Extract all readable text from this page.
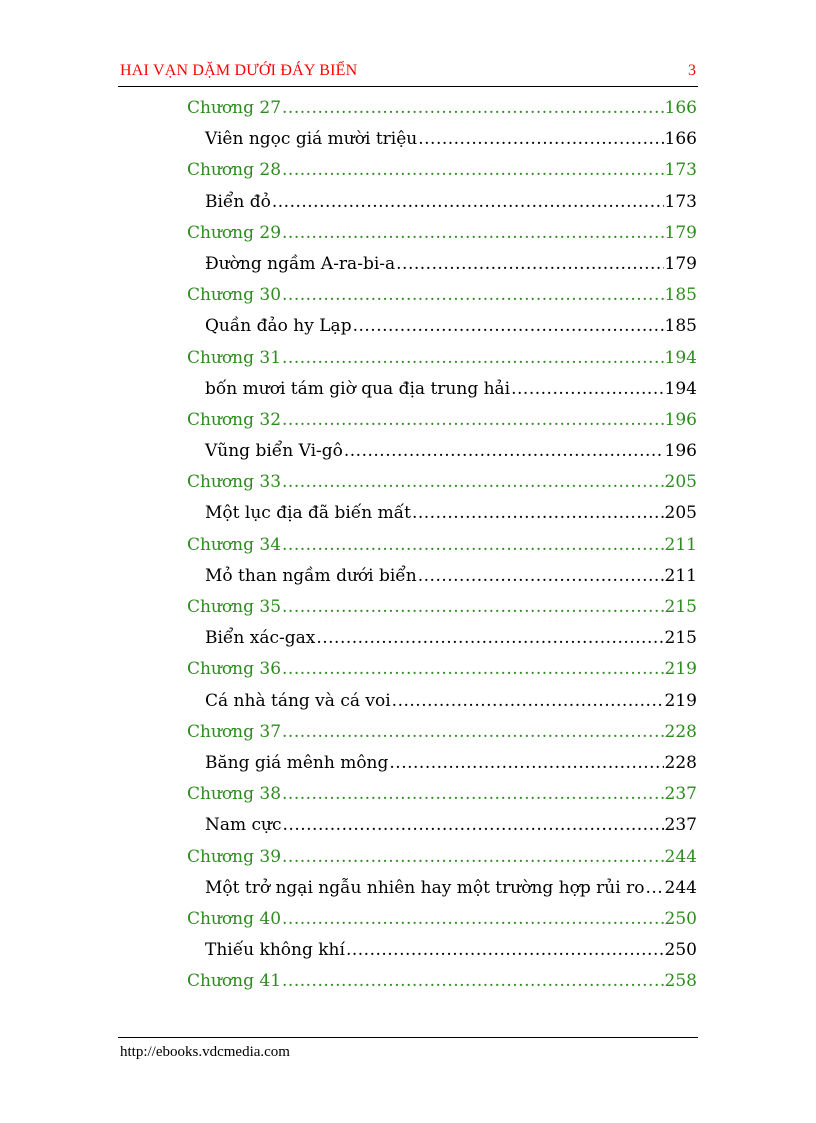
HAI VẠN DẶM DƯỚI ĐÁY BIỂN	3
Chương 27 .....	166
Viên ngọc giá mười triệu .....	166
Chương 28 .....	173
Biển đỏ .....	173
Chương 29 .....	179
Đường ngầm A-ra-bi-a .....	179
Chương 30 .....	185
Quần đảo hy Lạp .....	185
Chương 31 .....	194
bốn mươi tám giờ qua địa trung hải .....	194
Chương 32 .....	196
Vũng biển Vi-gô .....	196
Chương 33 .....	205
Một lục địa đã biến mất .....	205
Chương 34 .....	211
Mỏ than ngầm dưới biển .....	211
Chương 35 .....	215
Biển xác-gax .....	215
Chương 36 .....	219
Cá nhà táng và cá voi .....	219
Chương 37 .....	228
Băng giá mênh mông .....	228
Chương 38 .....	237
Nam cực .....	237
Chương 39 .....	244
Một trở ngại ngẫu nhiên hay một trường hợp rủi ro ..... 244
Chương 40 .....	250
Thiếu không khí .....	250
Chương 41 .....	258
http://ebooks.vdcmedia.com
